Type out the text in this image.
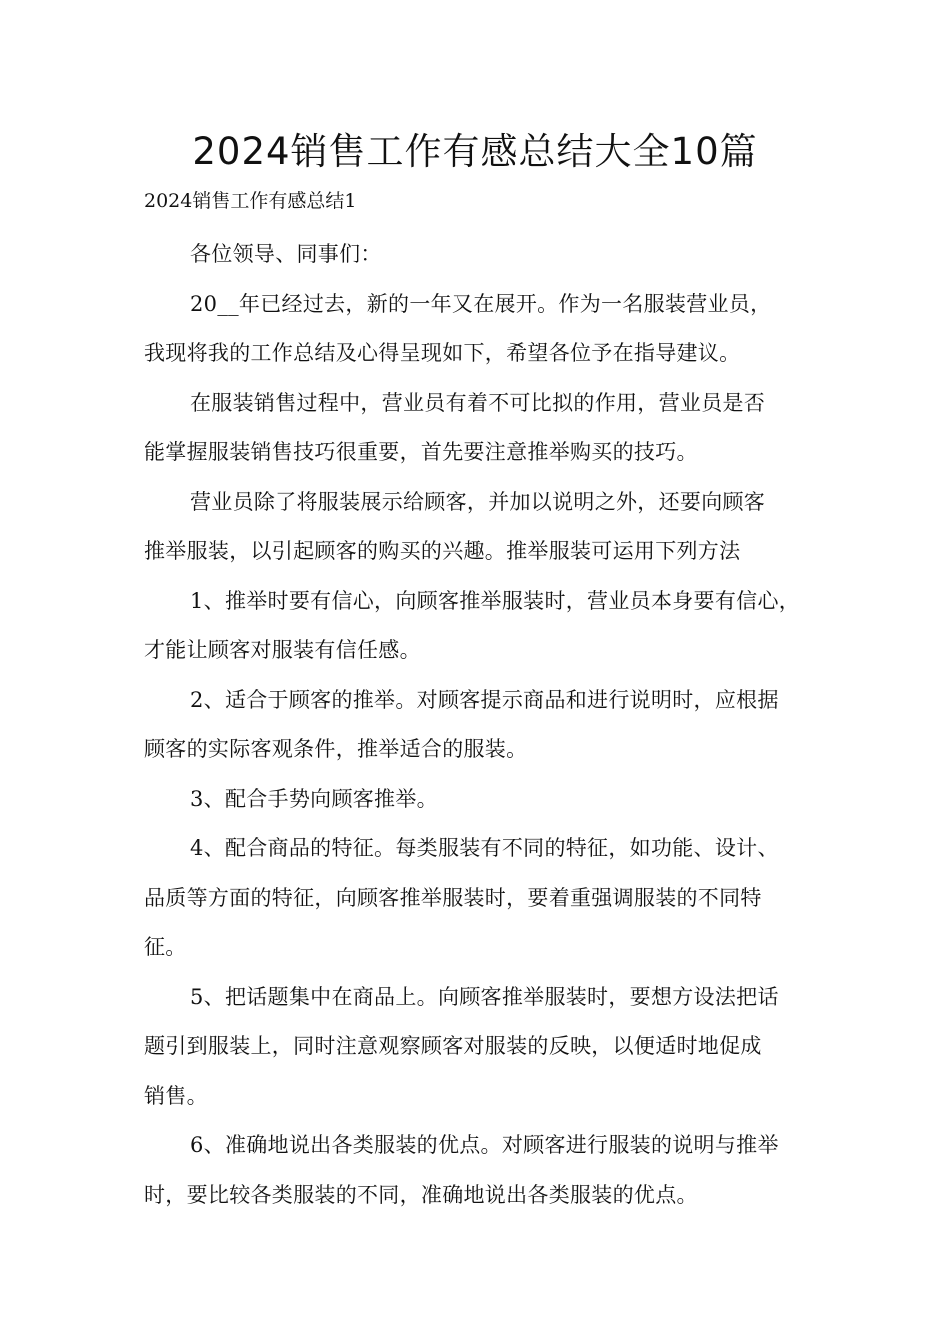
2024销售工作有感总结大全10篇

2024销售工作有感总结1

各位领导、同事们：

20__年已经过去，新的一年又在展开。作为一名服装营业员，
我现将我的工作总结及心得呈现如下，希望各位予在指导建议。

在服装销售过程中，营业员有着不可比拟的作用，营业员是否
能掌握服装销售技巧很重要，首先要注意推举购买的技巧。

营业员除了将服装展示给顾客，并加以说明之外，还要向顾客
推举服装，以引起顾客的购买的兴趣。推举服装可运用下列方法

1、推举时要有信心，向顾客推举服装时，营业员本身要有信心，
才能让顾客对服装有信任感。

2、适合于顾客的推举。对顾客提示商品和进行说明时，应根据
顾客的实际客观条件，推举适合的服装。

3、配合手势向顾客推举。

4、配合商品的特征。每类服装有不同的特征，如功能、设计、
品质等方面的特征，向顾客推举服装时，要着重强调服装的不同特
征。

5、把话题集中在商品上。向顾客推举服装时，要想方设法把话
题引到服装上，同时注意观察顾客对服装的反映，以便适时地促成
销售。

6、准确地说出各类服装的优点。对顾客进行服装的说明与推举
时，要比较各类服装的不同，准确地说出各类服装的优点。
